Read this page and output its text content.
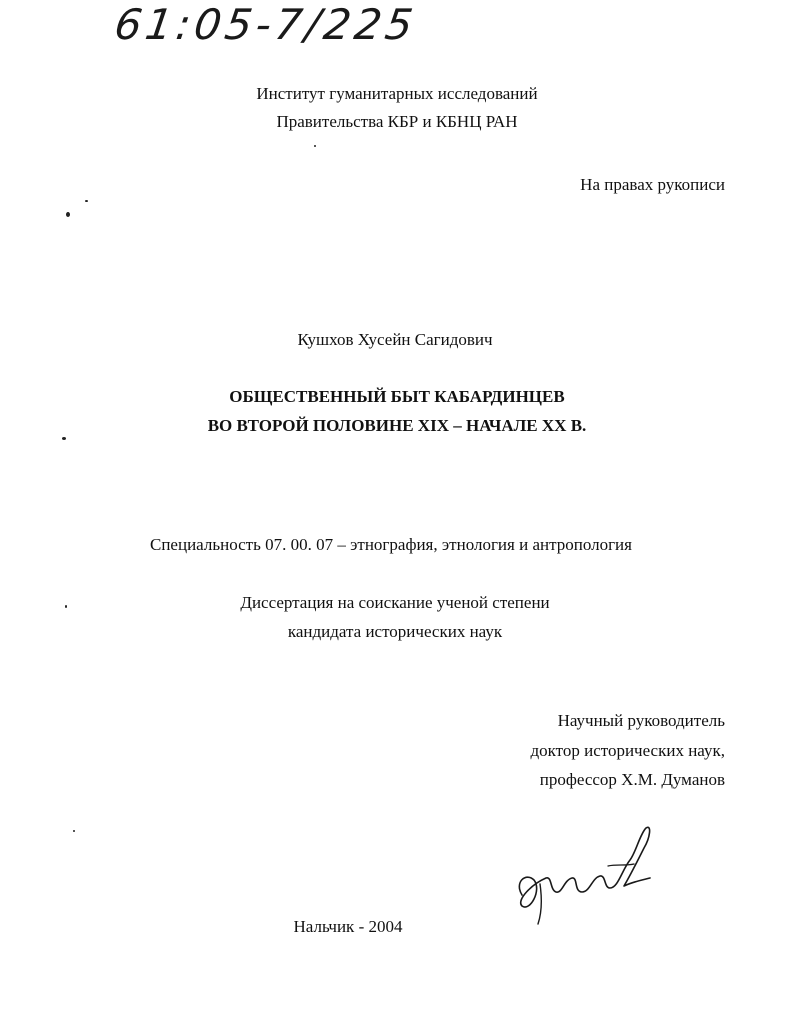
61:05-7/225
Институт гуманитарных исследований
Правительства КБР и КБНЦ РАН
На правах рукописи
Кушхов Хусейн Сагидович
ОБЩЕСТВЕННЫЙ БЫТ КАБАРДИНЦЕВ
ВО ВТОРОЙ ПОЛОВИНЕ XIX – НАЧАЛЕ XX В.
Специальность 07. 00. 07 – этнография, этнология и антропология
Диссертация на соискание ученой степени
кандидата исторических наук
Научный руководитель
доктор исторических наук,
профессор Х.М. Думанов
Нальчик - 2004
